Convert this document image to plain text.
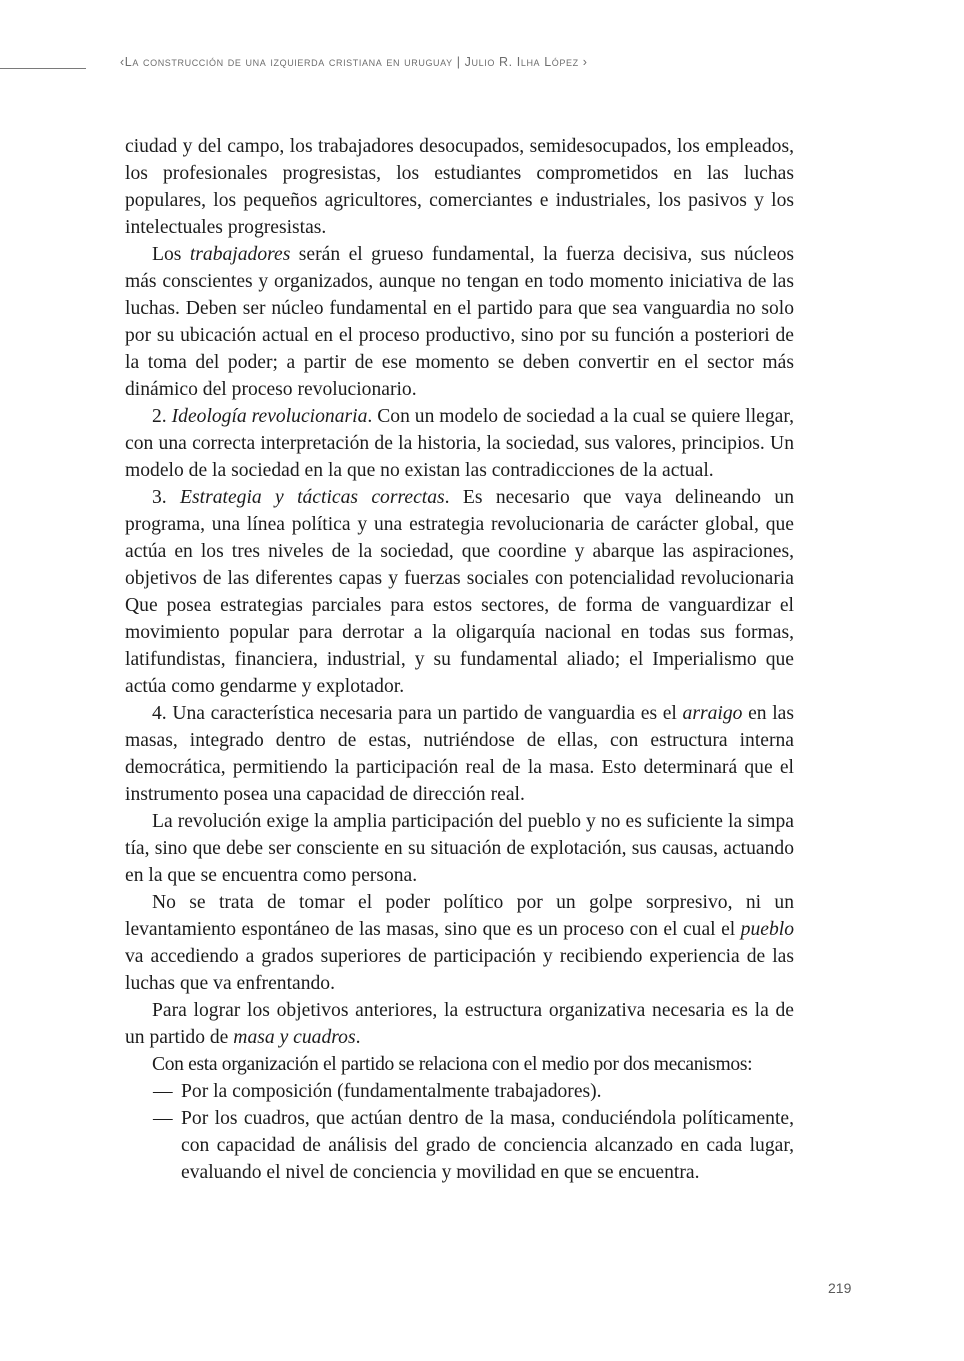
‹La construcción de una izquierda cristiana en uruguay | Julio R. Ilha López ›

ciudad y del campo, los trabajadores desocupados, semidesocupados, los empleados, los profesionales progresistas, los estudiantes comprometidos en las luchas populares, los pequeños agricultores, comerciantes e industriales, los pasivos y los intelectuales progresistas.

Los trabajadores serán el grueso fundamental, la fuerza decisiva, sus núcleos más conscientes y organizados, aunque no tengan en todo momento iniciativa de las luchas. Deben ser núcleo fundamental en el partido para que sea vanguardia no solo por su ubicación actual en el proceso productivo, sino por su función a posteriori de la toma del poder; a partir de ese momento se deben convertir en el sector más dinámico del proceso revolucionario.

2. Ideología revolucionaria. Con un modelo de sociedad a la cual se quiere llegar, con una correcta interpretación de la historia, la sociedad, sus valores, principios. Un modelo de la sociedad en la que no existan las contradicciones de la actual.

3. Estrategia y tácticas correctas. Es necesario que vaya delineando un programa, una línea política y una estrategia revolucionaria de carácter global, que actúa en los tres niveles de la sociedad, que coordine y abarque las aspiraciones, objetivos de las diferentes capas y fuerzas sociales con potencialidad revolucionaria Que posea estrategias parciales para estos sectores, de forma de vanguardizar el movimiento popular para derrotar a la oligarquía nacional en todas sus formas, latifundistas, financiera, industrial, y su fundamental aliado; el Imperialismo que actúa como gendarme y explotador.

4. Una característica necesaria para un partido de vanguardia es el arraigo en las masas, integrado dentro de estas, nutriéndose de ellas, con estructura interna democrática, permitiendo la participación real de la masa. Esto determinará que el instrumento posea una capacidad de dirección real.

La revolución exige la amplia participación del pueblo y no es suficiente la simpa tía, sino que debe ser consciente en su situación de explotación, sus causas, actuando en la que se encuentra como persona.

No se trata de tomar el poder político por un golpe sorpresivo, ni un levantamiento espontáneo de las masas, sino que es un proceso con el cual el pueblo va accediendo a grados superiores de participación y recibiendo experiencia de las luchas que va enfrentando.

Para lograr los objetivos anteriores, la estructura organizativa necesaria es la de un partido de masa y cuadros.

Con esta organización el partido se relaciona con el medio por dos mecanismos:

— Por la composición (fundamentalmente trabajadores).
— Por los cuadros, que actúan dentro de la masa, conduciéndola políticamente, con capacidad de análisis del grado de conciencia alcanzado en cada lugar, evaluando el nivel de conciencia y movilidad en que se encuentra.
219
